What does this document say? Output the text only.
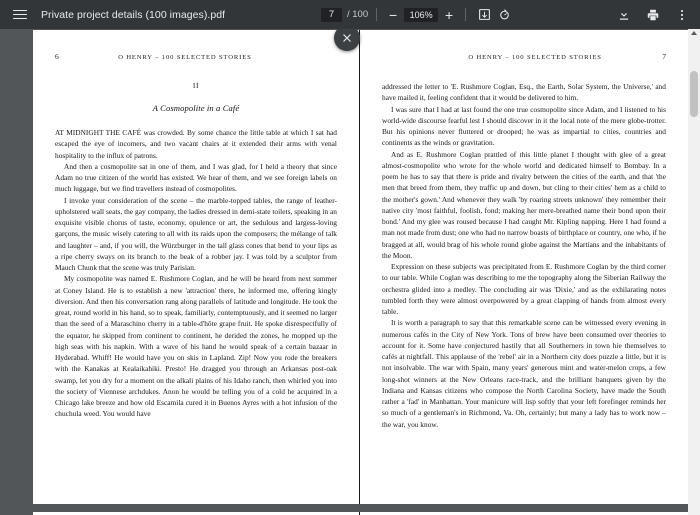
Private project details (100 images).pdf
7	/ 100 −	106% +
6	O HENRY – 100 SELECTED STORIES
II
A Cosmopolite in a Café

AT MIDNIGHT THE CAFÉ was crowded. By some chance the little table at which I sat had escaped the eye of incomers, and two vacant chairs at it extended their arms with venal hospitality to the influx of patrons.

And then a cosmopolite sat in one of them, and I was glad, for I held a theory that since Adam no true citizen of the world has existed. We hear of them, and we see foreign labels on much luggage, but we find travellers instead of cosmopolites.

I invoke your consideration of the scene – the marble-topped tables, the range of leather-upholstered wall seats, the gay company, the ladies dressed in demi-state toilets, speaking in an exquisite visible chorus of taste, economy, opulence or art, the sedulous and largess-loving garçons, the music wisely catering to all with its raids upon the composers; the mélange of talk and laughter – and, if you will, the Würzburger in the tall glass cones that bend to your lips as a ripe cherry sways on its branch to the beak of a robber jay. I was told by a sculptor from Mauch Chunk that the scene was truly Parisian.

My cosmopolite was named E. Rushmore Coglan, and he will be heard from next summer at Coney Island. He is to establish a new 'attraction' there, he informed me, offering kingly diversion. And then his conversation rang along parallels of latitude and longitude. He took the great, round world in his hand, so to speak, familiarly, contemptuously, and it seemed no larger than the seed of a Maraschino cherry in a table-d'hôte grape fruit. He spoke disrespectfully of the equator, he skipped from continent to continent, he derided the zones, he mopped up the high seas with his napkin. With a wave of his hand he would speak of a certain bazaar in Hyderabad. Whiff! He would have you on skis in Lapland. Zip! Now you rode the breakers with the Kanakas at Kealaikahiki. Presto! He dragged you through an Arkansas post-oak swamp, let you dry for a moment on the alkali plains of his Idaho ranch, then whirled you into the society of Viennese archdukes. Anon he would be telling you of a cold he acquired in a Chicago lake breeze and how old Escamila cured it in Buenos Ayres with a hot infusion of the chuchula weed. You would have

O HENRY – 100 SELECTED STORIES	7

addressed the letter to 'E. Rushmore Coglan, Esq., the Earth, Solar System, the Universe,' and have mailed it, feeling confident that it would be delivered to him.

I was sure that I had at last found the one true cosmopolite since Adam, and I listened to his world-wide discourse fearful lest I should discover in it the local note of the mere globe-trotter. But his opinions never fluttered or drooped; he was as impartial to cities, countries and continents as the winds or gravitation.

And as E. Rushmore Coglan prattled of this little planet I thought with glee of a great almost-cosmopolite who wrote for the whole world and dedicated himself to Bombay. In a poem he has to say that there is pride and rivalry between the cities of the earth, and that 'the men that breed from them, they traffic up and down, but cling to their cities' hem as a child to the mother's gown.' And whenever they walk 'by roaring streets unknown' they remember their native city 'most faithful, foolish, fond; making her mere-breathed name their bond upon their bond.' And my glee was roused because I had caught Mr. Kipling napping. Here I had found a man not made from dust; one who had no narrow boasts of birthplace or country, one who, if he bragged at all, would brag of his whole round globe against the Martians and the inhabitants of the Moon.

Expression on these subjects was precipitated from E. Rushmore Coglan by the third corner to our table. While Coglan was describing to me the topography along the Siberian Railway the orchestra glided into a medley. The concluding air was 'Dixie,' and as the exhilarating notes tumbled forth they were almost overpowered by a great clapping of hands from almost every table.

It is worth a paragraph to say that this remarkable scene can be witnessed every evening in numerous cafés in the City of New York. Tons of brew have been consumed over theories to account for it. Some have conjectured hastily that all Southerners in town hie themselves to cafés at nightfall. This applause of the 'rebel' air in a Northern city does puzzle a little, but it is not insolvable. The war with Spain, many years' generous mint and water-melon crops, a few long-shot winners at the New Orleans race-track, and the brilliant banquets given by the Indiana and Kansas citizens who compose the North Carolina Society, have made the South rather a 'fad' in Manhattan. Your manicure will lisp softly that your left forefinger reminds her so much of a gentleman's in Richmond, Va. Oh, certainly; but many a lady has to work now – the war, you know.
